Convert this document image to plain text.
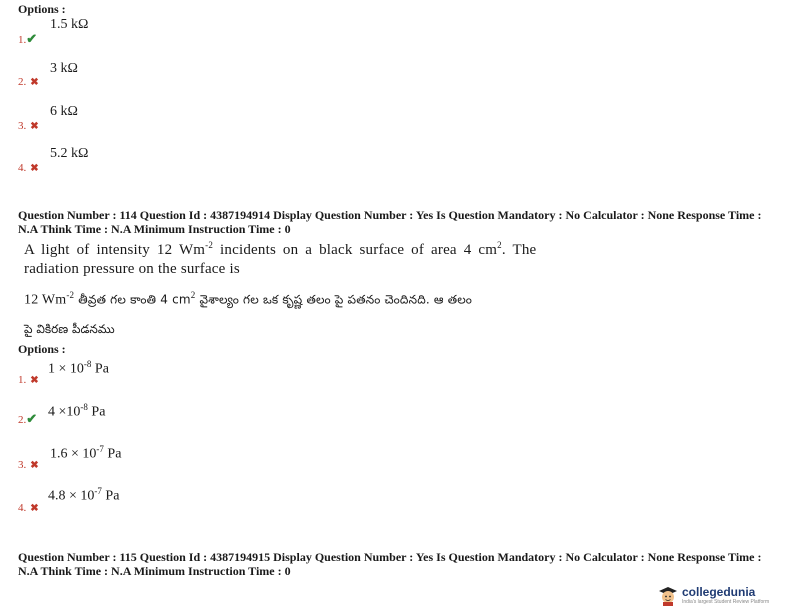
Options :
1.✔
1.5 kΩ
2. ✖
3 kΩ
3. ✖
6 kΩ
4. ✖
5.2 kΩ
Question Number : 114 Question Id : 4387194914 Display Question Number : Yes Is Question Mandatory : No Calculator : None Response Time :
N.A Think Time : N.A Minimum Instruction Time : 0
A light of intensity 12 $Wm^{-2}$ incidents on a black surface of area 4 $cm^2$. The
radiation pressure on the surface is
12 $Wm^{-2}$ తీవ్రత గల కాంతి 4 $cm^2$ వైశాల్యం గల ఒక కృష్ణ తలం పై పతనం చెందినది. ఆ తలం
పై వికిరణ పీడనము
Options :
1. ✖
$1 \times 10^{-8}$ Pa
2.✔ $4 \times 10^{-8}$ Pa
3. ✖
$1.6 \times 10^{-7}$ Pa
4. ✖
$4.8 \times 10^{-7}$ Pa
Question Number : 115 Question Id : 4387194915 Display Question Number : Yes Is Question Mandatory : No Calculator : None Response Time :
N.A Think Time : N.A Minimum Instruction Time : 0
collegedunia
India's largest Student Review Platform
